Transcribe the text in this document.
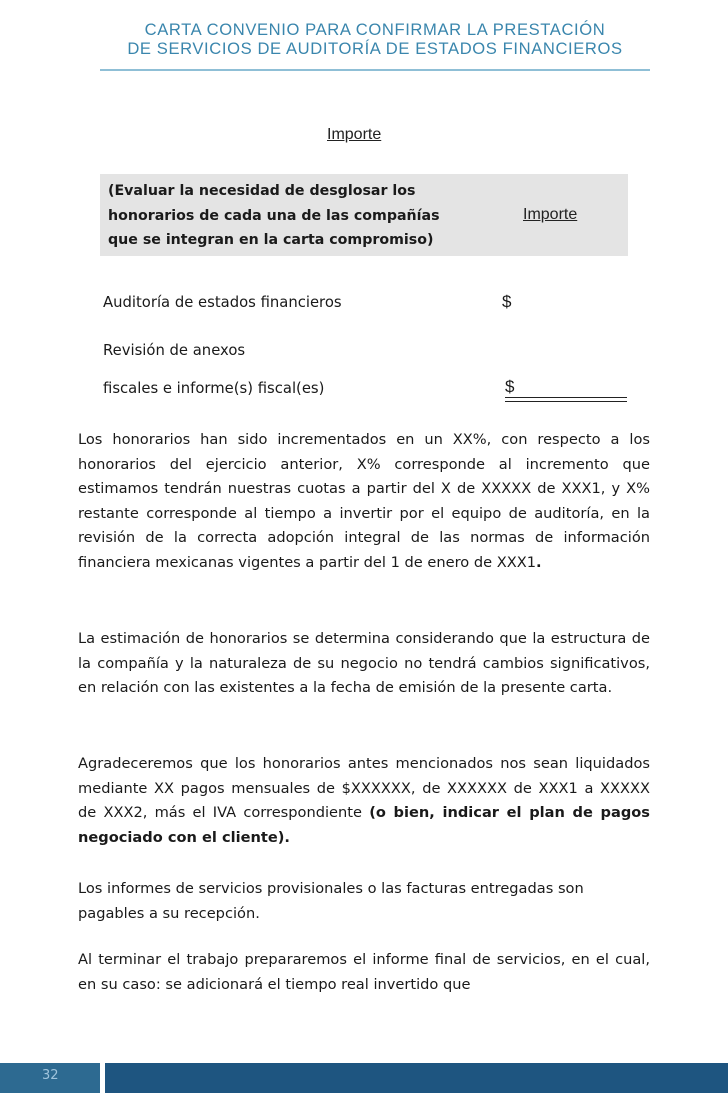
CARTA CONVENIO PARA CONFIRMAR LA PRESTACIÓN
DE SERVICIOS DE AUDITORÍA DE ESTADOS FINANCIEROS
Importe
(Evaluar la necesidad de desglosar los
honorarios de cada una de las compañías
que se integran en la carta compromiso)
Importe
Auditoría de estados financieros	$
Revisión de anexos
fiscales e informe(s) fiscal(es)	$

Los honorarios han sido incrementados en un XX%, con respecto a los honorarios del ejercicio anterior, X% corresponde al incremento que estimamos tendrán nuestras cuotas a partir del X de XXXXX de XXX1, y X% restante corresponde al tiempo a invertir por el equipo de auditoría, en la revisión de la correcta adopción integral de las normas de información financiera mexicanas vigentes a partir del 1 de enero de XXX1.

La estimación de honorarios se determina considerando que la estructura de la compañía y la naturaleza de su negocio no tendrá cambios significativos, en relación con las existentes a la fecha de emisión de la presente carta.

Agradeceremos que los honorarios antes mencionados nos sean liquidados mediante XX pagos mensuales de $XXXXXX, de XXXXXX de XXX1 a XXXXX de XXX2, más el IVA correspondiente (o bien, indicar el plan de pagos negociado con el cliente).

Los informes de servicios provisionales o las facturas entregadas son pagables a su recepción.

Al terminar el trabajo prepararemos el informe final de servicios, en el cual, en su caso: se adicionará el tiempo real invertido que

32
